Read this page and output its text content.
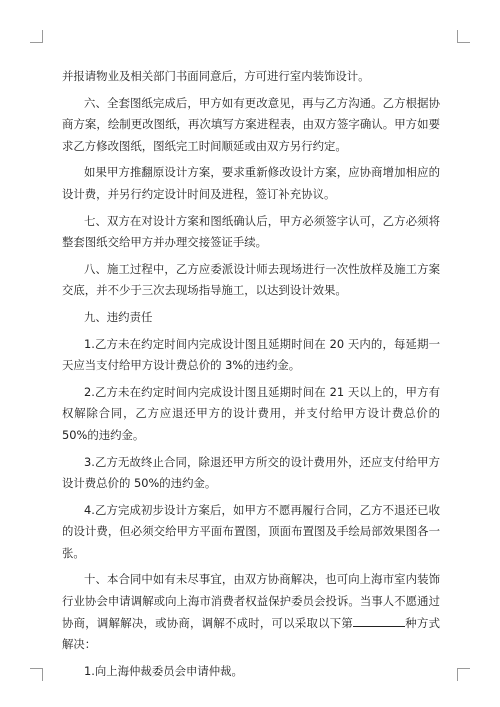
并报请物业及相关部门书面同意后，方可进行室内装饰设计。

六、全套图纸完成后，甲方如有更改意见，再与乙方沟通。乙方根据协商方案，绘制更改图纸，再次填写方案进程表，由双方签字确认。甲方如要求乙方修改图纸，图纸完工时间顺延或由双方另行约定。

如果甲方推翻原设计方案，要求重新修改设计方案，应协商增加相应的设计费，并另行约定设计时间及进程，签订补充协议。

七、双方在对设计方案和图纸确认后，甲方必须签字认可，乙方必须将整套图纸交给甲方并办理交接签证手续。

八、施工过程中，乙方应委派设计师去现场进行一次性放样及施工方案交底，并不少于三次去现场指导施工，以达到设计效果。

九、违约责任

1.乙方未在约定时间内完成设计图且延期时间在 20 天内的，每延期一天应当支付给甲方设计费总价的 3%的违约金。

2.乙方未在约定时间内完成设计图且延期时间在 21 天以上的，甲方有权解除合同，乙方应退还甲方的设计费用，并支付给甲方设计费总价的 50%的违约金。

3.乙方无故终止合同，除退还甲方所交的设计费用外，还应支付给甲方设计费总价的 50%的违约金。

4.乙方完成初步设计方案后，如甲方不愿再履行合同，乙方不退还已收的设计费，但必须交给甲方平面布置图，顶面布置图及手绘局部效果图各一张。

十、本合同中如有未尽事宜，由双方协商解决，也可向上海市室内装饰行业协会申请调解或向上海市消费者权益保护委员会投诉。当事人不愿通过协商，调解解决，或协商，调解不成时，可以采取以下第	种方式解决：

1.向上海仲裁委员会申请仲裁。
